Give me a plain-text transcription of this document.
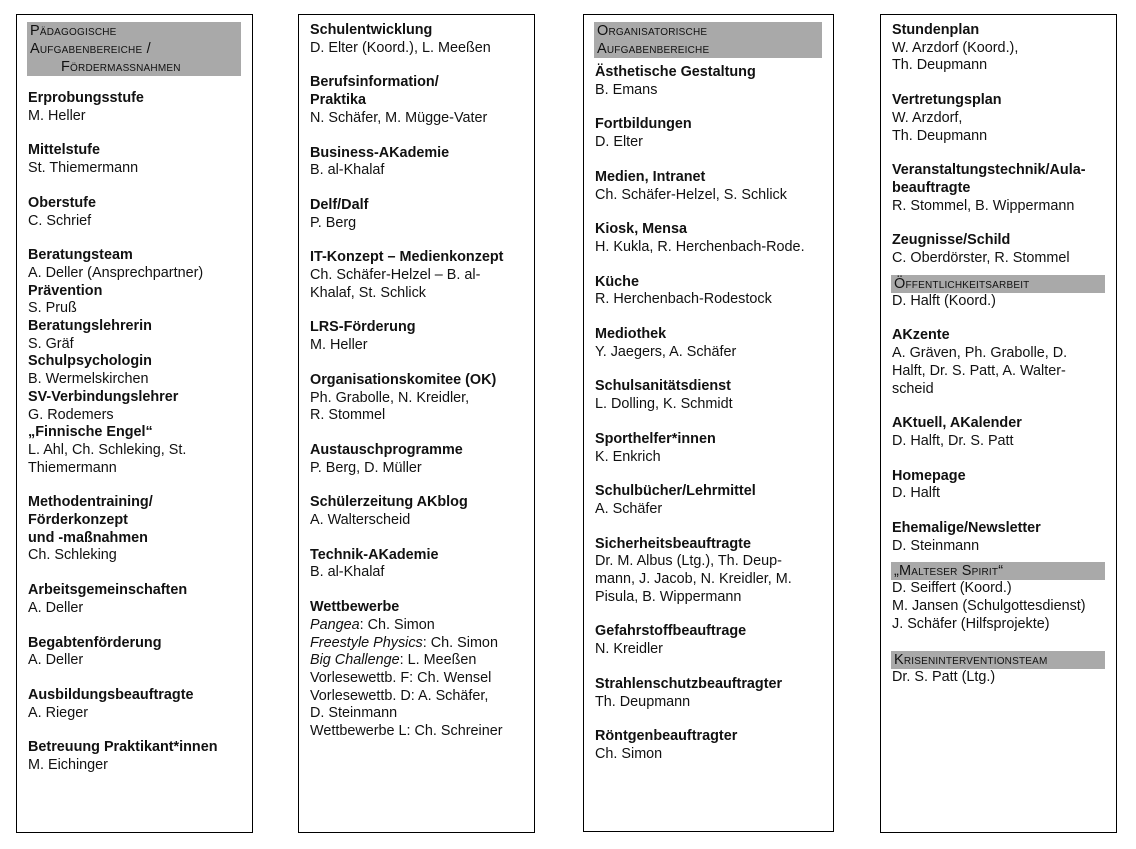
Pädagogische
Aufgabenbereiche /
Fördermaßnahmen
Erprobungsstufe
M. Heller
Mittelstufe
St. Thiemermann
Oberstufe
C. Schrief
Beratungsteam
A. Deller (Ansprechpartner)
Prävention
S. Pruß
Beratungslehrerin
S. Gräf
Schulpsychologin
B. Wermelskirchen
SV-Verbindungslehrer
G. Rodemers
„Finnische Engel“
L. Ahl, Ch. Schleking, St.
Thiemermann
Methodentraining/
Förderkonzept
und -maßnahmen
Ch. Schleking
Arbeitsgemeinschaften
A. Deller
Begabtenförderung
A. Deller
Ausbildungsbeauftragte
A. Rieger
Betreuung Praktikant*innen
M. Eichinger
Schulentwicklung
D. Elter (Koord.), L. Meeßen
Berufsinformation/
Praktika
N. Schäfer, M. Mügge-Vater
Business-AKademie
B. al-Khalaf
Delf/Dalf
P. Berg
IT-Konzept – Medienkonzept
Ch. Schäfer-Helzel – B. al-
Khalaf, St. Schlick
LRS-Förderung
M. Heller
Organisationskomitee (OK)
Ph. Grabolle, N. Kreidler,
R. Stommel
Austauschprogramme
P. Berg, D. Müller
Schülerzeitung AKblog
A. Walterscheid
Technik-AKademie
B. al-Khalaf
Wettbewerbe
Pangea: Ch. Simon
Freestyle Physics: Ch. Simon
Big Challenge: L. Meeßen
Vorlesewettb. F: Ch. Wensel
Vorlesewettb. D: A. Schäfer,
D. Steinmann
Wettbewerbe L: Ch. Schreiner
Organisatorische
Aufgabenbereiche
Ästhetische Gestaltung
B. Emans
Fortbildungen
D. Elter
Medien, Intranet
Ch. Schäfer-Helzel, S. Schlick
Kiosk, Mensa
H. Kukla, R. Herchenbach-Rode.
Küche
R. Herchenbach-Rodestock
Mediothek
Y. Jaegers, A. Schäfer
Schulsanitätsdienst
L. Dolling, K. Schmidt
Sporthelfer*innen
K. Enkrich
Schulbücher/Lehrmittel
A. Schäfer
Sicherheitsbeauftragte
Dr. M. Albus (Ltg.), Th. Deup-
mann, J. Jacob, N. Kreidler, M.
Pisula, B. Wippermann
Gefahrstoffbeauftrage
N. Kreidler
Strahlenschutzbeauftragter
Th. Deupmann
Röntgenbeauftragter
Ch. Simon
Stundenplan
W. Arzdorf (Koord.),
Th. Deupmann
Vertretungsplan
W. Arzdorf,
Th. Deupmann
Veranstaltungstechnik/Aula-
beauftragte
R. Stommel, B. Wippermann
Zeugnisse/Schild
C. Oberdörster, R. Stommel
Öffentlichkeitsarbeit
D. Halft (Koord.)
AKzente
A. Gräven, Ph. Grabolle, D.
Halft, Dr. S. Patt, A. Walter-
scheid
AKtuell, AKalender
D. Halft, Dr. S. Patt
Homepage
D. Halft
Ehemalige/Newsletter
D. Steinmann
„Malteser Spirit“
D. Seiffert (Koord.)
M. Jansen (Schulgottesdienst)
J. Schäfer (Hilfsprojekte)
Kriseninterventionsteam
Dr. S. Patt (Ltg.)
